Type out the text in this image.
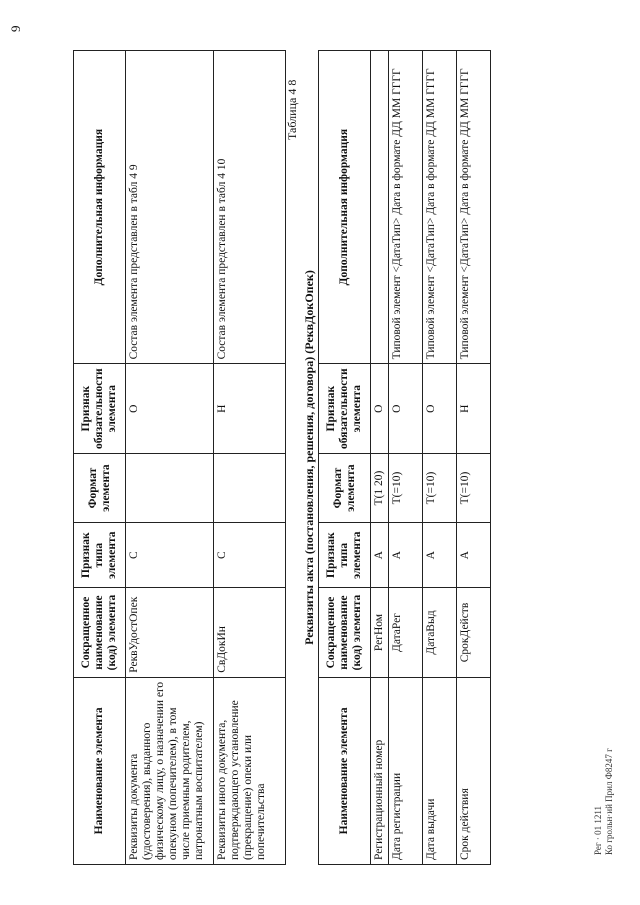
9
Наименование элемента	Сокращенное наименование (код) элемента	Признак типа элемента	Формат элемента	Признак обязательности элемента	Дополнительная информация
Реквизиты документа (удостоверения), выданного физическому лицу, о назначении его опекуном (попечителем), в том числе приемным родителем, патронатным воспитателем)	РеквУдостОпек	С		О	Состав элемента представлен в табл 4 9
Реквизиты иного документа, подтверждающего установление (прекращение) опеки или попечительства	СвДокИн	С		Н	Состав элемента представлен в табл 4 10
Таблица 4 8
Реквизиты акта (постановления, решения, договора) (РеквДокОпек)
Наименование элемента	Сокращенное наименование (код) элемента	Признак типа элемента	Формат элемента	Признак обязательности элемента	Дополнительная информация
Регистрационный номер	РегНом	А	Т(1 20)	О	
Дата регистрации	ДатаРег	А	Т(=10)	О	Типовой элемент <ДатаТип> Дата в формате ДД ММ ГГГГ
Дата выдачи	ДатаВыд	А	Т(=10)	О	Типовой элемент <ДатаТип> Дата в формате ДД ММ ГГГГ
Срок действия	СрокДейств	А	Т(=10)	Н	Типовой элемент <ДатаТип> Дата в формате ДД ММ ГГГГ
Рег · 01 1211 Ко грольн·ий Прил Ф8247 г
